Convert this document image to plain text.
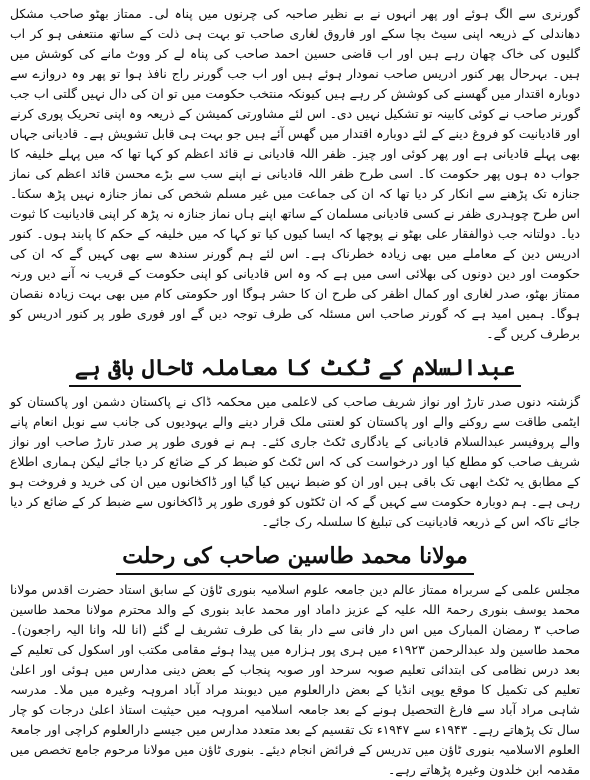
گورنری سے الگ ہوئے اور پھر انہوں نے بے نظیر صاحبہ کی چرنوں میں پناہ لی۔ ممتاز بھٹو صاحب مشکل دھاندلی کے ذریعہ اپنی سیٹ بچا سکے اور فاروق لغاری صاحب تو بہت ہی ذلت کے ساتھ منتعفی ہو کر اب گلیوں کی خاک چھان رہے ہیں اور اب قاضی حسین احمد صاحب کی پناہ لے کر ووٹ مانے کی کوشش میں ہیں۔ بہرحال پھر کنور ادریس صاحب نمودار ہوئے ہیں اور اب جب گورنر راج نافذ ہوا تو پھر وہ دروازے سے دوبارہ اقتدار میں گھسنے کی کوشش کر رہے ہیں کیونکہ منتخب حکومت میں تو ان کی دال نہیں گلتی اب جب گورنر صاحب نے کوئی کابینہ تو تشکیل نہیں دی۔ اس لئے مشاورتی کمیشن کے ذریعہ وہ اپنی تحریک پوری کرنے اور قادیانیت کو فروغ دینے کے لئے دوبارہ اقتدار میں گھس آئے ہیں جو بہت ہی قابل تشویش ہے۔ قادیانی جہاں بھی پہلے قادیانی ہے اور پھر کوئی اور چیز۔ ظفر اللہ قادیانی نے قائد اعظم کو کہا تھا کہ میں پہلے خلیفہ کا جواب دہ ہوں پھر حکومت کا۔ اسی طرح ظفر اللہ قادیانی نے اپنے سب سے بڑے محسن قائد اعظم کی نماز جنازہ تک پڑھنے سے انکار کر دیا تھا کہ ان کی جماعت میں غیر مسلم شخص کی نماز جنازہ نہیں پڑھ سکتا۔ اس طرح چوہدری ظفر نے کسی قادیانی مسلمان کے ساتھ اپنے ہاں نماز جنازہ نہ پڑھ کر اپنی قادیانیت کا ثبوت دیا۔ دولتانہ جب ذوالفقار علی بھٹو نے پوچھا کہ ایسا کیوں کیا تو کہا کہ میں خلیفہ کے حکم کا پابند ہوں۔ کنور ادریس دین کے معاملے میں بھی زیادہ خطرناک ہے۔ اس لئے ہم گورنر سندھ سے بھی کہیں گے کہ ان کی حکومت اور دین دونوں کی بھلائی اسی میں ہے کہ وہ اس قادیانی کو اپنی حکومت کے قریب نہ آنے دیں ورنہ ممتاز بھٹو، صدر لغاری اور کمال اظفر کی طرح ان کا حشر ہوگا اور حکومتی کام میں بھی بہت زیادہ نقصان ہوگا۔ ہمیں امید ہے کہ گورنر صاحب اس مسئلہ کی طرف توجہ دیں گے اور فوری طور پر کنور ادریس کو برطرف کریں گے۔

عبدالسلام کے ٹکٹ کا معاملہ تاحال باقی ہے

گزشتہ دنوں صدر تارڑ اور نواز شریف صاحب کی لاعلمی میں محکمہ ڈاک نے پاکستان دشمن اور پاکستان کو ایٹمی طاقت سے روکنے والے اور پاکستان کو لعنتی ملک قرار دینے والے یہودیوں کی جانب سے نوبل انعام پانے والے پروفیسر عبدالسلام قادیانی کے یادگاری ٹکٹ جاری کئے۔ ہم نے فوری طور پر صدر تارڑ صاحب اور نواز شریف صاحب کو مطلع کیا اور درخواست کی کہ اس ٹکٹ کو ضبط کر کے ضائع کر دیا جائے لیکن ہماری اطلاع کے مطابق یہ ٹکٹ ابھی تک باقی ہیں اور ان کو ضبط نہیں کیا گیا اور ڈاکخانوں میں ان کی خرید و فروخت ہو رہی ہے۔ ہم دوبارہ حکومت سے کہیں گے کہ ان ٹکٹوں کو فوری طور پر ڈاکخانوں سے ضبط کر کے ضائع کر دیا جائے تاکہ اس کے ذریعہ قادیانیت کی تبلیغ کا سلسلہ رک جائے۔

مولانا محمد طاسین صاحب کی رحلت

مجلس علمی کے سربراہ ممتاز عالم دین جامعہ علوم اسلامیہ بنوری ٹاؤن کے سابق استاد حضرت اقدس مولانا محمد یوسف بنوری رحمۃ اللہ علیہ کے عزیز داماد اور محمد عابد بنوری کے والد محترم مولانا محمد طاسین صاحب ۳ رمضان المبارک میں اس دار فانی سے دار بقا کی طرف تشریف لے گئے (انا للہ وانا الیہ راجعون)۔ محمد طاسین ولد عبدالرحمن ۱۹۲۳ء میں ہری پور ہزارہ میں پیدا ہوئے مقامی مکتب اور اسکول کی تعلیم کے بعد درس نظامی کی ابتدائی تعلیم صوبہ سرحد اور صوبہ پنجاب کے بعض دینی مدارس میں ہوئی اور اعلیٰ تعلیم کی تکمیل کا موقع یوپی انڈیا کے بعض دارالعلوم میں دیوبند مراد آباد امروہہ وغیرہ میں ملا۔ مدرسہ شاہی مراد آباد سے فارغ التحصیل ہونے کے بعد جامعہ اسلامیہ امروہہ میں حیثیت استاذ اعلیٰ درجات کو چار سال تک پڑھاتے رہے۔ ۱۹۴۳ء سے ۱۹۴۷ء تک تقسیم کے بعد متعدد مدارس میں جیسے دارالعلوم کراچی اور جامعۃ العلوم الاسلامیہ بنوری ٹاؤن میں تدریس کے فرائض انجام دیئے۔ بنوری ٹاؤن میں مولانا مرحوم جامع تخصص میں مقدمہ ابن خلدون وغیرہ پڑھاتے رہے۔
